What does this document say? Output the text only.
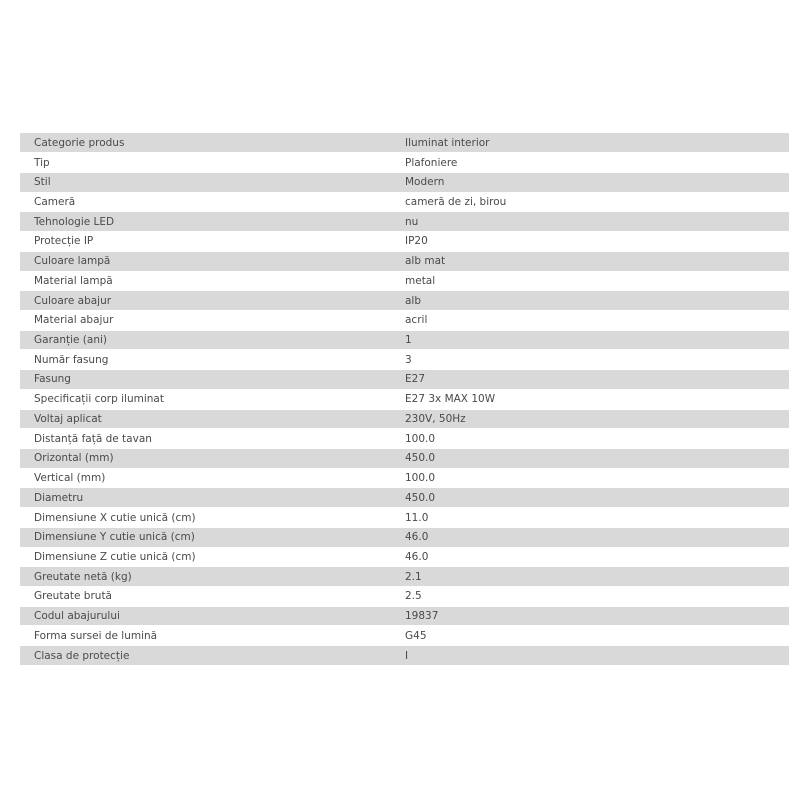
Categorie produs	Iluminat interior
Tip	Plafoniere
Stil	Modern
Cameră	cameră de zi, birou
Tehnologie LED	nu
Protecție IP	IP20
Culoare lampă	alb mat
Material lampă	metal
Culoare abajur	alb
Material abajur	acril
Garanție (ani)	1
Număr fasung	3
Fasung	E27
Specificații corp iluminat	E27 3x MAX 10W
Voltaj aplicat	230V, 50Hz
Distanță față de tavan	100.0
Orizontal (mm)	450.0
Vertical (mm)	100.0
Diametru	450.0
Dimensiune X cutie unică (cm)	11.0
Dimensiune Y cutie unică (cm)	46.0
Dimensiune Z cutie unică (cm)	46.0
Greutate netă (kg)	2.1
Greutate brută	2.5
Codul abajurului	19837
Forma sursei de lumină	G45
Clasa de protecție	I
